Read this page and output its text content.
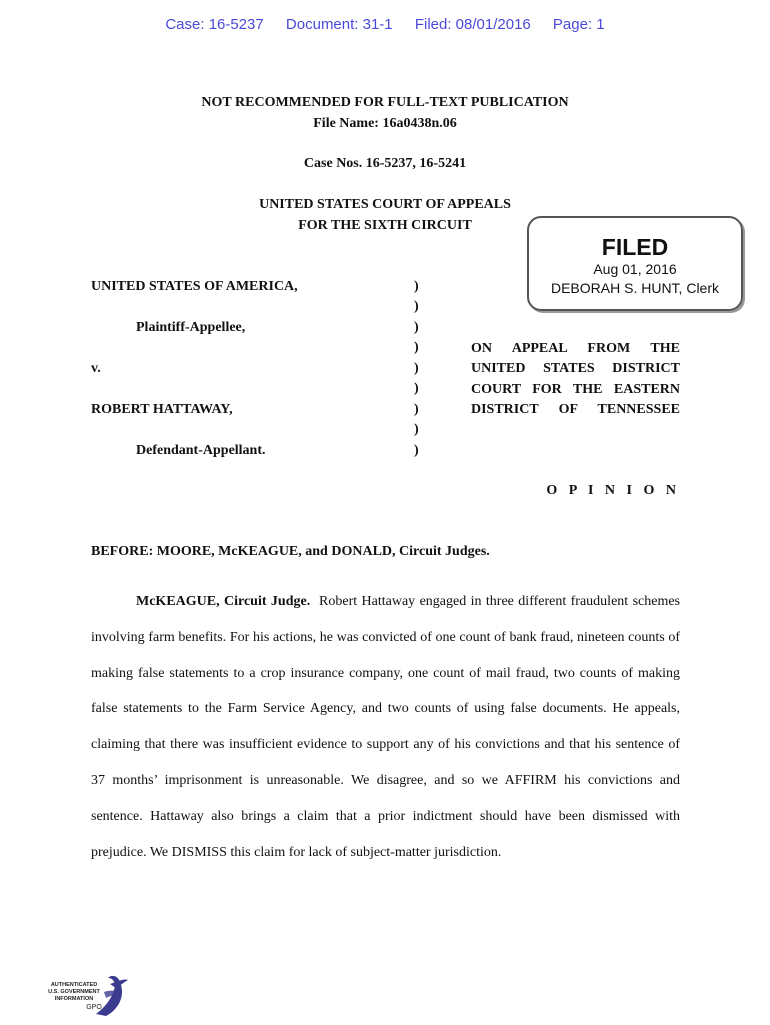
Case: 16-5237 Document: 31-1 Filed: 08/01/2016 Page: 1
NOT RECOMMENDED FOR FULL-TEXT PUBLICATION
File Name: 16a0438n.06
Case Nos. 16-5237, 16-5241
UNITED STATES COURT OF APPEALS
FOR THE SIXTH CIRCUIT
FILED
Aug 01, 2016
DEBORAH S. HUNT, Clerk
UNITED STATES OF AMERICA,
Plaintiff-Appellee,
v.
ROBERT HATTAWAY,
Defendant-Appellant.
)
)
)
)
)
)
)
)
)
ON APPEAL FROM THE UNITED STATES DISTRICT COURT FOR THE EASTERN DISTRICT OF TENNESSEE
O P I N I O N
BEFORE: MOORE, McKEAGUE, and DONALD, Circuit Judges.
McKEAGUE, Circuit Judge. Robert Hattaway engaged in three different fraudulent schemes involving farm benefits. For his actions, he was convicted of one count of bank fraud, nineteen counts of making false statements to a crop insurance company, one count of mail fraud, two counts of making false statements to the Farm Service Agency, and two counts of using false documents. He appeals, claiming that there was insufficient evidence to support any of his convictions and that his sentence of 37 months’ imprisonment is unreasonable. We disagree, and so we AFFIRM his convictions and sentence. Hattaway also brings a claim that a prior indictment should have been dismissed with prejudice. We DISMISS this claim for lack of subject-matter jurisdiction.
AUTHENTICATED
U.S. GOVERNMENT
INFORMATION
GPO
